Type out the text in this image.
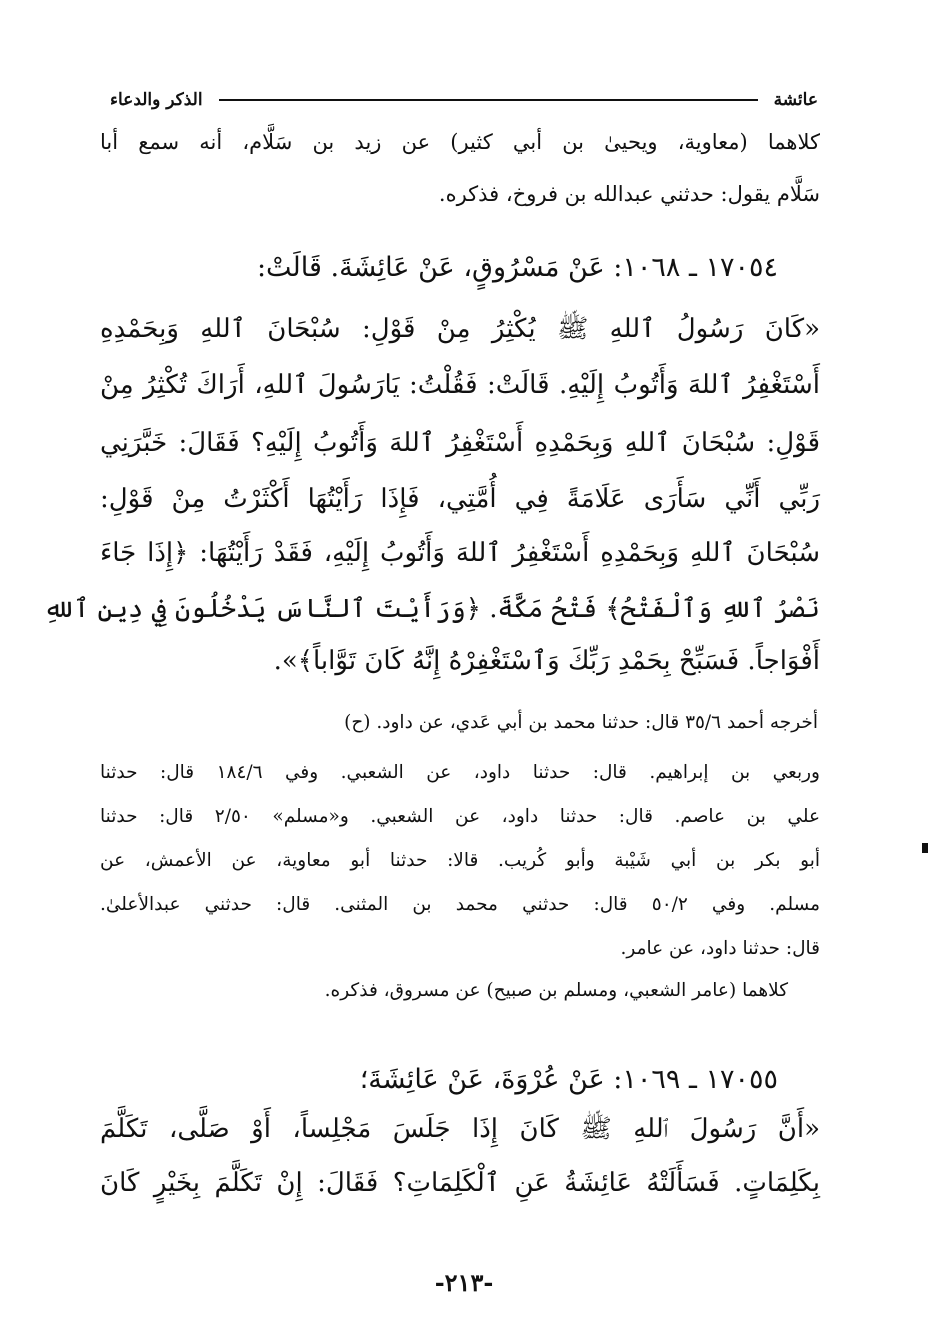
الذكر والدعاء	عائشة
كلاهما (معاوية، ويحيىٰ بن أبي كثير) عن زيد بن سَلَّام، أنه سمع أبا
سَلَّام يقول: حدثني عبدالله بن فروخ، فذكره.
١٧٠٥٤ ـ ١٠٦٨: عَنْ مَسْرُوقٍ، عَنْ عَائِشَةَ. قَالَتْ:
«كَانَ رَسُولُ ٱللهِ ﷺ يُكْثِرُ مِنْ قَوْلِ: سُبْحَانَ ٱللهِ وَبِحَمْدِهِ
أَسْتَغْفِرُ ٱللهَ وَأَتُوبُ إِلَيْهِ. قَالَتْ: فَقُلْتُ: يَارَسُولَ ٱللهِ، أَرَاكَ تُكْثِرُ مِنْ
قَوْلِ: سُبْحَانَ ٱللهِ وَبِحَمْدِهِ أَسْتَغْفِرُ ٱللهَ وَأَتُوبُ إِلَيْهِ؟ فَقَالَ: خَبَّرَنِي
رَبِّي أَنِّي سَأَرَى عَلَامَةً فِي أُمَّتِي، فَإِذَا رَأَيْتُهَا أَكْثَرْتُ مِنْ قَوْلِ:
سُبْحَانَ ٱللهِ وَبِحَمْدِهِ أَسْتَغْفِرُ ٱللهَ وَأَتُوبُ إِلَيْهِ، فَقَدْ رَأَيْتُهَا: ﴿إِذَا جَاءَ
نَصْرُ ٱللهِ وَٱلْفَتْحُ﴾ فَتْحُ مَكَّةَ. ﴿وَرَأَيْتَ ٱلنَّاسَ يَدْخُلُونَ فِي دِينِ ٱللهِ
أَفْوَاجاً. فَسَبِّحْ بِحَمْدِ رَبِّكَ وَٱسْتَغْفِرْهُ إِنَّهُ كَانَ تَوَّاباً﴾».
أخرجه أحمد ٣٥/٦ قال: حدثنا محمد بن أبي عَدي، عن داود. (ح)
وربعي بن إبراهيم. قال: حدثنا داود، عن الشعبي. وفي ١٨٤/٦ قال: حدثنا
علي بن عاصم. قال: حدثنا داود، عن الشعبي. و«مسلم» ٢/٥٠ قال: حدثنا
أبو بكر بن أبي شَيْبة وأبو كُريب. قالا: حدثنا أبو معاوية، عن الأعمش، عن
مسلم. وفي ٥٠/٢ قال: حدثني محمد بن المثنى. قال: حدثني عبدالأعلىٰ.
قال: حدثنا داود، عن عامر.
كلاهما (عامر الشعبي، ومسلم بن صبيح) عن مسروق، فذكره.
١٧٠٥٥ ـ ١٠٦٩: عَنْ عُرْوَةَ، عَنْ عَائِشَةَ؛
«أَنَّ رَسُولَ ٱللهِ ﷺ كَانَ إِذَا جَلَسَ مَجْلِساً، أَوْ صَلَّى، تَكَلَّمَ
بِكَلِمَاتٍ. فَسَأَلَتْهُ عَائِشَةُ عَنِ ٱلْكَلِمَاتِ؟ فَقَالَ: إِنْ تَكَلَّمَ بِخَيْرٍ كَانَ
-٢١٣-
